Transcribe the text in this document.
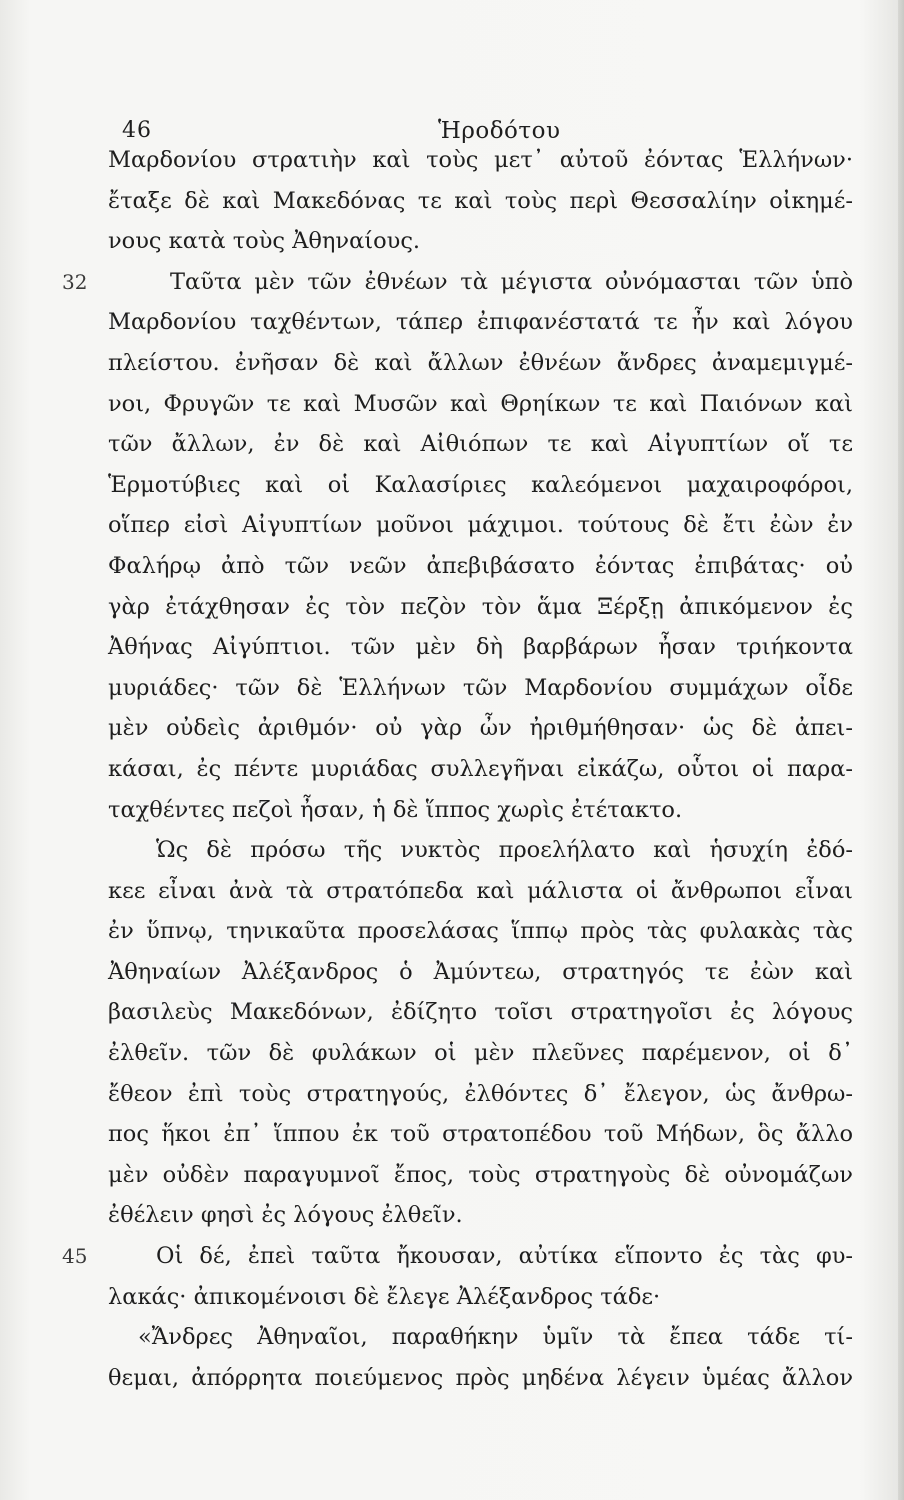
46	Ἡροδότου
Μαρδονίου στρατιὴν καὶ τοὺς μετ᾽ αὐτοῦ ἐόντας Ἑλλήνων·
ἔταξε δὲ καὶ Μακεδόνας τε καὶ τοὺς περὶ Θεσσαλίην οἰκημέ-
νους κατὰ τοὺς Ἀθηναίους.
32	Ταῦτα μὲν τῶν ἐθνέων τὰ μέγιστα οὐνόμασται τῶν ὑπὸ
Μαρδονίου ταχθέντων, τάπερ ἐπιφανέστατά τε ἦν καὶ λόγου
πλείστου. ἐνῆσαν δὲ καὶ ἄλλων ἐθνέων ἄνδρες ἀναμεμιγμέ-
νοι, Φρυγῶν τε καὶ Μυσῶν καὶ Θρηίκων τε καὶ Παιόνων καὶ
τῶν ἄλλων, ἐν δὲ καὶ Αἰθιόπων τε καὶ Αἰγυπτίων οἵ τε
Ἑρμοτύβιες καὶ οἱ Καλασίριες καλεόμενοι μαχαιροφόροι,
οἵπερ εἰσὶ Αἰγυπτίων μοῦνοι μάχιμοι. τούτους δὲ ἔτι ἐὼν ἐν
Φαλήρῳ ἀπὸ τῶν νεῶν ἀπεβιβάσατο ἐόντας ἐπιβάτας· οὐ
γὰρ ἐτάχθησαν ἐς τὸν πεζὸν τὸν ἅμα Ξέρξῃ ἀπικόμενον ἐς
Ἀθήνας Αἰγύπτιοι. τῶν μὲν δὴ βαρβάρων ἦσαν τριήκοντα
μυριάδες· τῶν δὲ Ἑλλήνων τῶν Μαρδονίου συμμάχων οἶδε
μὲν οὐδεὶς ἀριθμόν· οὐ γὰρ ὦν ἠριθμήθησαν· ὡς δὲ ἀπει-
κάσαι, ἐς πέντε μυριάδας συλλεγῆναι εἰκάζω, οὗτοι οἱ παρα-
ταχθέντες πεζοὶ ἦσαν, ἡ δὲ ἵππος χωρὶς ἐτέτακτο.
Ὡς δὲ πρόσω τῆς νυκτὸς προελήλατο καὶ ἡσυχίη ἐδό-
κεε εἶναι ἀνὰ τὰ στρατόπεδα καὶ μάλιστα οἱ ἄνθρωποι εἶναι
ἐν ὕπνῳ, τηνικαῦτα προσελάσας ἵππῳ πρὸς τὰς φυλακὰς τὰς
Ἀθηναίων Ἀλέξανδρος ὁ Ἀμύντεω, στρατηγός τε ἐὼν καὶ
βασιλεὺς Μακεδόνων, ἐδίζητο τοῖσι στρατηγοῖσι ἐς λόγους
ἐλθεῖν. τῶν δὲ φυλάκων οἱ μὲν πλεῦνες παρέμενον, οἱ δ᾽
ἔθεον ἐπὶ τοὺς στρατηγούς, ἐλθόντες δ᾽ ἔλεγον, ὡς ἄνθρω-
πος ἥκοι ἐπ᾽ ἵππου ἐκ τοῦ στρατοπέδου τοῦ Μήδων, ὃς ἄλλο
μὲν οὐδὲν παραγυμνοῖ ἔπος, τοὺς στρατηγοὺς δὲ οὐνομάζων
ἐθέλειν φησὶ ἐς λόγους ἐλθεῖν.
45	Οἱ δέ, ἐπεὶ ταῦτα ἤκουσαν, αὐτίκα εἵποντο ἐς τὰς φυ-
λακάς· ἀπικομένοισι δὲ ἔλεγε Ἀλέξανδρος τάδε·
«Ἄνδρες Ἀθηναῖοι, παραθήκην ὑμῖν τὰ ἔπεα τάδε τί-
θεμαι, ἀπόρρητα ποιεύμενος πρὸς μηδένα λέγειν ὑμέας ἄλλον
